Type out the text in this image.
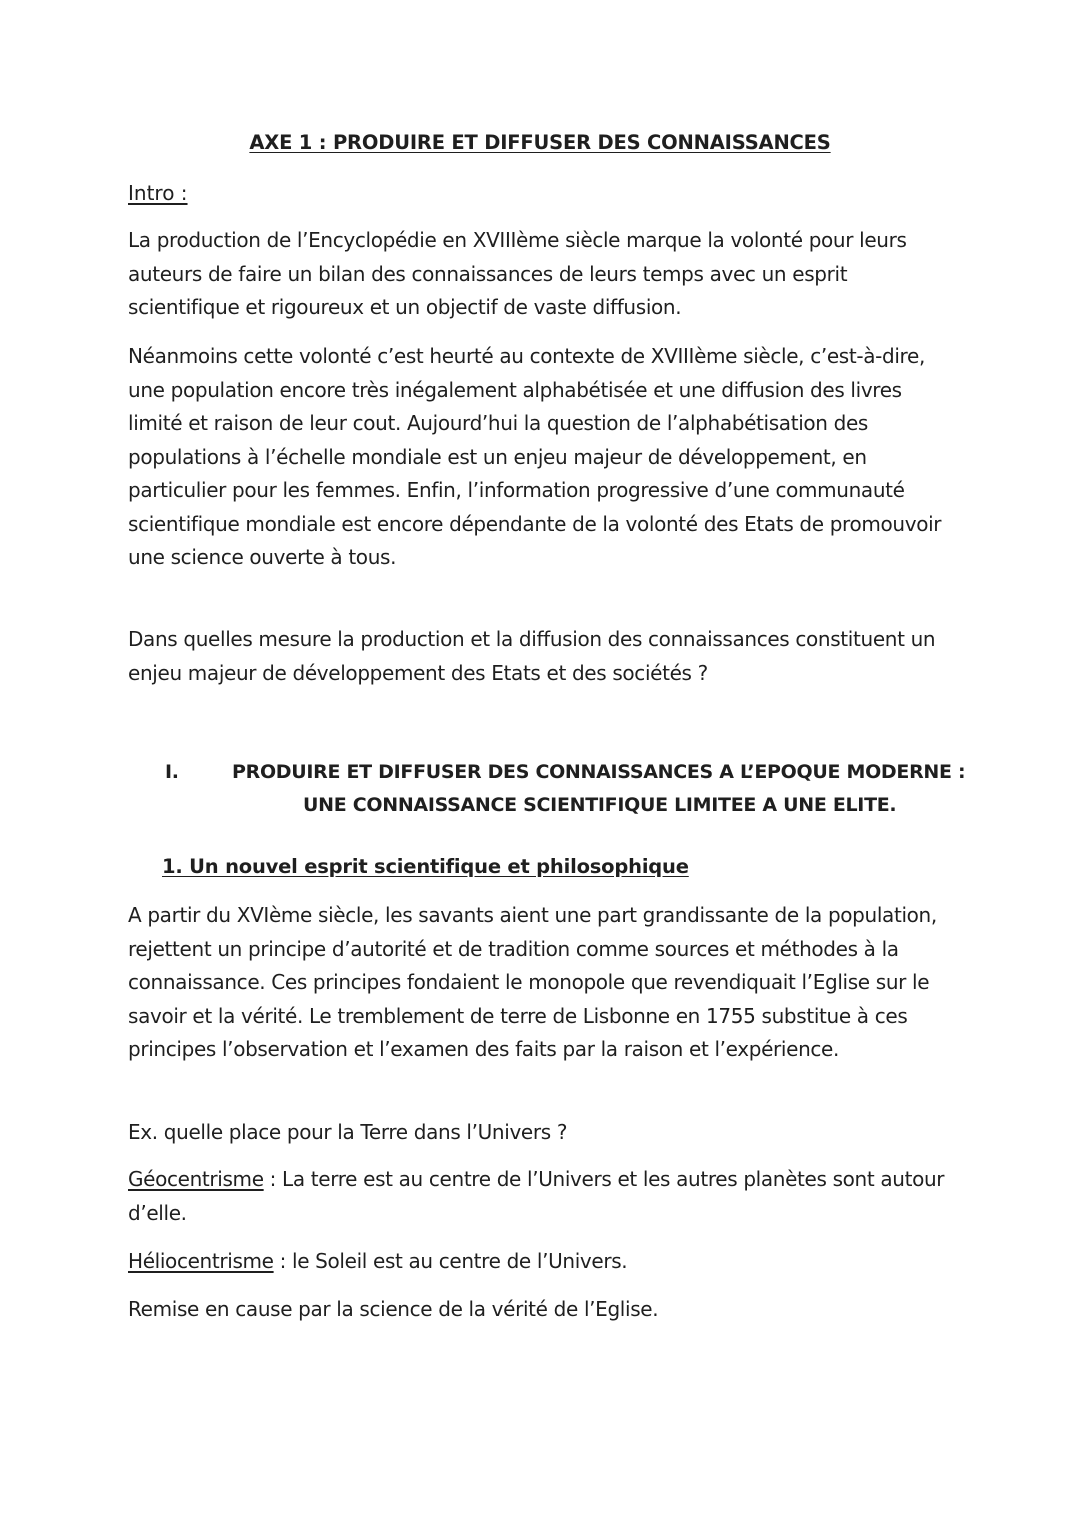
AXE 1 : PRODUIRE ET DIFFUSER DES CONNAISSANCES
Intro :

La production de l’Encyclopédie en XVIIIème siècle marque la volonté pour leurs auteurs de faire un bilan des connaissances de leurs temps avec un esprit scientifique et rigoureux et un objectif de vaste diffusion.

Néanmoins cette volonté c’est heurté au contexte de XVIIIème siècle, c’est-à-dire, une population encore très inégalement alphabétisée et une diffusion des livres limité et raison de leur cout. Aujourd’hui la question de l’alphabétisation des populations à l’échelle mondiale est un enjeu majeur de développement, en particulier pour les femmes. Enfin, l’information progressive d’une communauté scientifique mondiale est encore dépendante de la volonté des Etats de promouvoir une science ouverte à tous.

Dans quelles mesure la production et la diffusion des connaissances constituent un enjeu majeur de développement des Etats et des sociétés ?

I.	PRODUIRE ET DIFFUSER DES CONNAISSANCES A L’EPOQUE MODERNE :
UNE CONNAISSANCE SCIENTIFIQUE LIMITEE A UNE ELITE.
1. Un nouvel esprit scientifique et philosophique

A partir du XVIème siècle, les savants aient une part grandissante de la population, rejettent un principe d’autorité et de tradition comme sources et méthodes à la connaissance. Ces principes fondaient le monopole que revendiquait l’Eglise sur le savoir et la vérité. Le tremblement de terre de Lisbonne en 1755 substitue à ces principes l’observation et l’examen des faits par la raison et l’expérience.

Ex. quelle place pour la Terre dans l’Univers ?

Géocentrisme : La terre est au centre de l’Univers et les autres planètes sont autour d’elle.

Héliocentrisme : le Soleil est au centre de l’Univers.

Remise en cause par la science de la vérité de l’Eglise.
